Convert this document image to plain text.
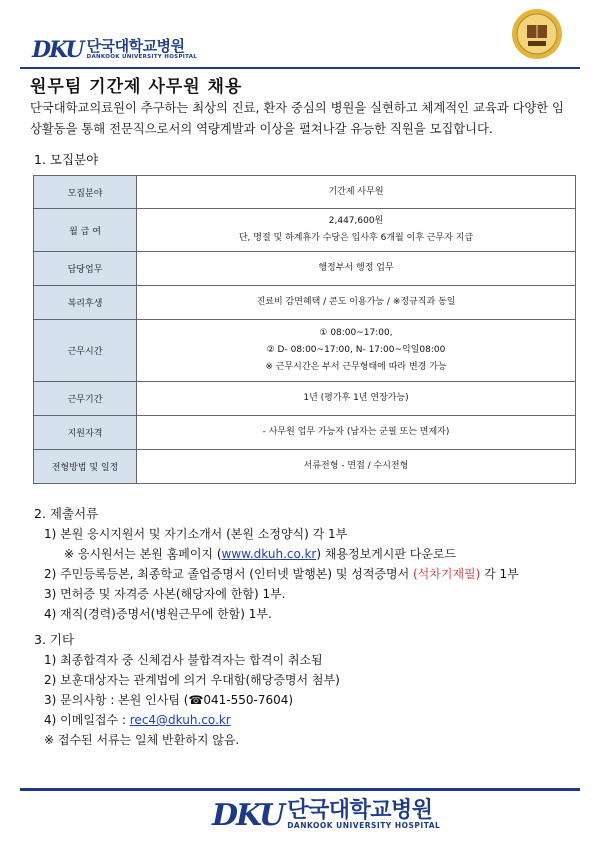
DKU 단국대학교병원
DANKOOK UNIVERSITY HOSPITAL
원무팀 기간제 사무원 채용
단국대학교의료원이 추구하는 최상의 진료, 환자 중심의 병원을 실현하고 체계적인 교육과 다양한 임상활동을 통해 전문직으로서의 역량계발과 이상을 펼쳐나갈 유능한 직원을 모집합니다.
1. 모집분야
모집분야	기간제 사무원

월 급 여	2,447,600원
단, 명절 및 하계휴가 수당은 입사후 6개월 이후 근무자 지급

담당업무	행정부서 행정 업무

복리후생	진료비 감면혜택 / 콘도 이용가능 / ※정규직과 동일

근무시간	① 08:00~17:00,
② D- 08:00~17:00, N- 17:00~익일08:00
※ 근무시간은 부서 근무형태에 따라 변경 가능

근무기간	1년 (평가후 1년 연장가능)

지원자격	- 사무원 업무 가능자 (남자는 군필 또는 면제자)

전형방법 및 일정	서류전형 - 면접 / 수시전형
2. 제출서류
1) 본원 응시지원서 및 자기소개서 (본원 소정양식) 각 1부
※ 응시원서는 본원 홈페이지 (www.dkuh.co.kr) 채용정보게시판 다운로드
2) 주민등록등본, 최종학교 졸업증명서 (인터넷 발행본) 및 성적증명서 (석차기재필) 각 1부
3) 면허증 및 자격증 사본(해당자에 한함) 1부.
4) 재직(경력)증명서(병원근무에 한함) 1부.
3. 기타
1) 최종합격자 중 신체검사 불합격자는 합격이 취소됨
2) 보훈대상자는 관계법에 의거 우대함(해당증명서 첨부)
3) 문의사항 : 본원 인사팀 (☎041-550-7604)
4) 이메일접수 : rec4@dkuh.co.kr
※ 접수된 서류는 일체 반환하지 않음.
DKU 단국대학교병원
DANKOOK UNIVERSITY HOSPITAL
